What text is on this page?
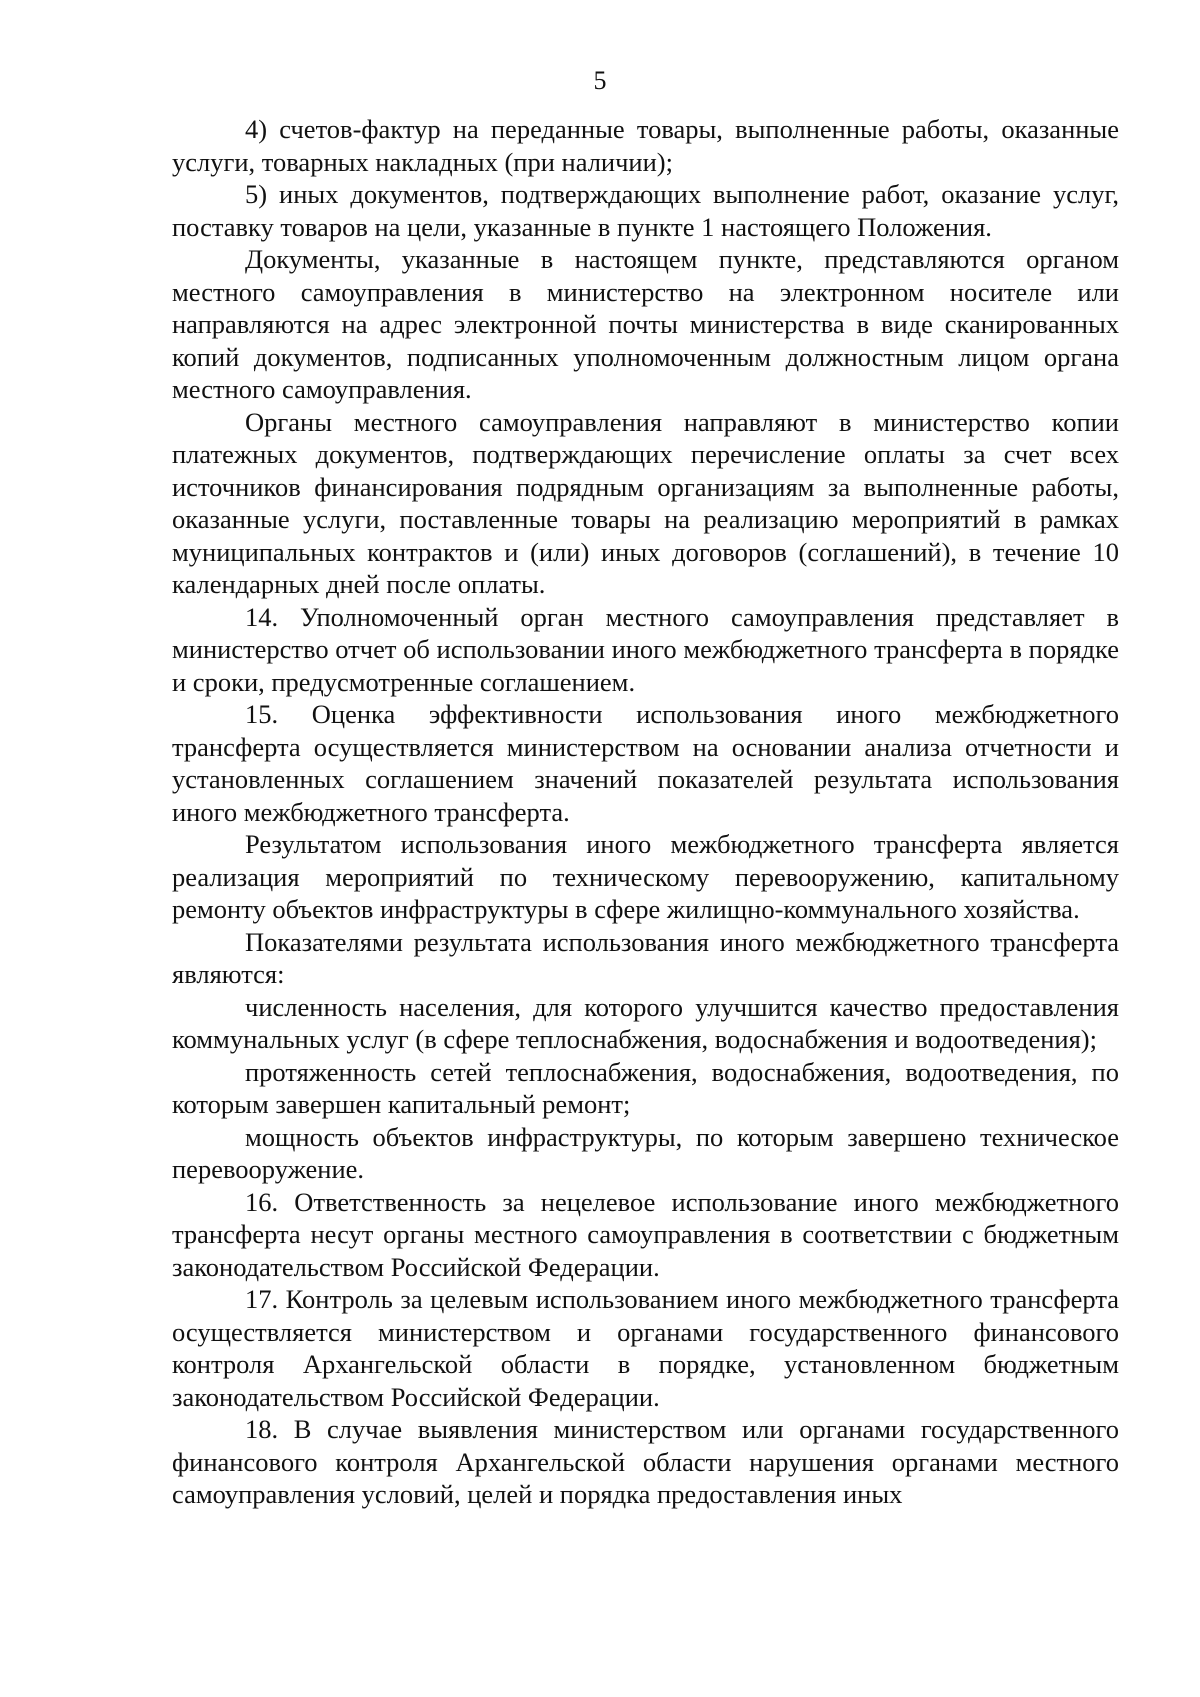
5

4) счетов-фактур на переданные товары, выполненные работы, оказанные услуги, товарных накладных (при наличии);

5) иных документов, подтверждающих выполнение работ, оказание услуг, поставку товаров на цели, указанные в пункте 1 настоящего Положения.

Документы, указанные в настоящем пункте, представляются органом местного самоуправления в министерство на электронном носителе или направляются на адрес электронной почты министерства в виде сканированных копий документов, подписанных уполномоченным должностным лицом органа местного самоуправления.

Органы местного самоуправления направляют в министерство копии платежных документов, подтверждающих перечисление оплаты за счет всех источников финансирования подрядным организациям за выполненные работы, оказанные услуги, поставленные товары на реализацию мероприятий в рамках муниципальных контрактов и (или) иных договоров (соглашений), в течение 10 календарных дней после оплаты.

14. Уполномоченный орган местного самоуправления представляет в министерство отчет об использовании иного межбюджетного трансферта в порядке и сроки, предусмотренные соглашением.

15. Оценка эффективности использования иного межбюджетного трансферта осуществляется министерством на основании анализа отчетности и установленных соглашением значений показателей результата использования иного межбюджетного трансферта.

Результатом использования иного межбюджетного трансферта является реализация мероприятий по техническому перевооружению, капитальному ремонту объектов инфраструктуры в сфере жилищно-коммунального хозяйства.

Показателями результата использования иного межбюджетного трансферта являются:

численность населения, для которого улучшится качество предоставления коммунальных услуг (в сфере теплоснабжения, водоснабжения и водоотведения);

протяженность сетей теплоснабжения, водоснабжения, водоотведения, по которым завершен капитальный ремонт;

мощность объектов инфраструктуры, по которым завершено техническое перевооружение.

16. Ответственность за нецелевое использование иного межбюджетного трансферта несут органы местного самоуправления в соответствии с бюджетным законодательством Российской Федерации.

17. Контроль за целевым использованием иного межбюджетного трансферта осуществляется министерством и органами государственного финансового контроля Архангельской области в порядке, установленном бюджетным законодательством Российской Федерации.

18. В случае выявления министерством или органами государственного финансового контроля Архангельской области нарушения органами местного самоуправления условий, целей и порядка предоставления иных
